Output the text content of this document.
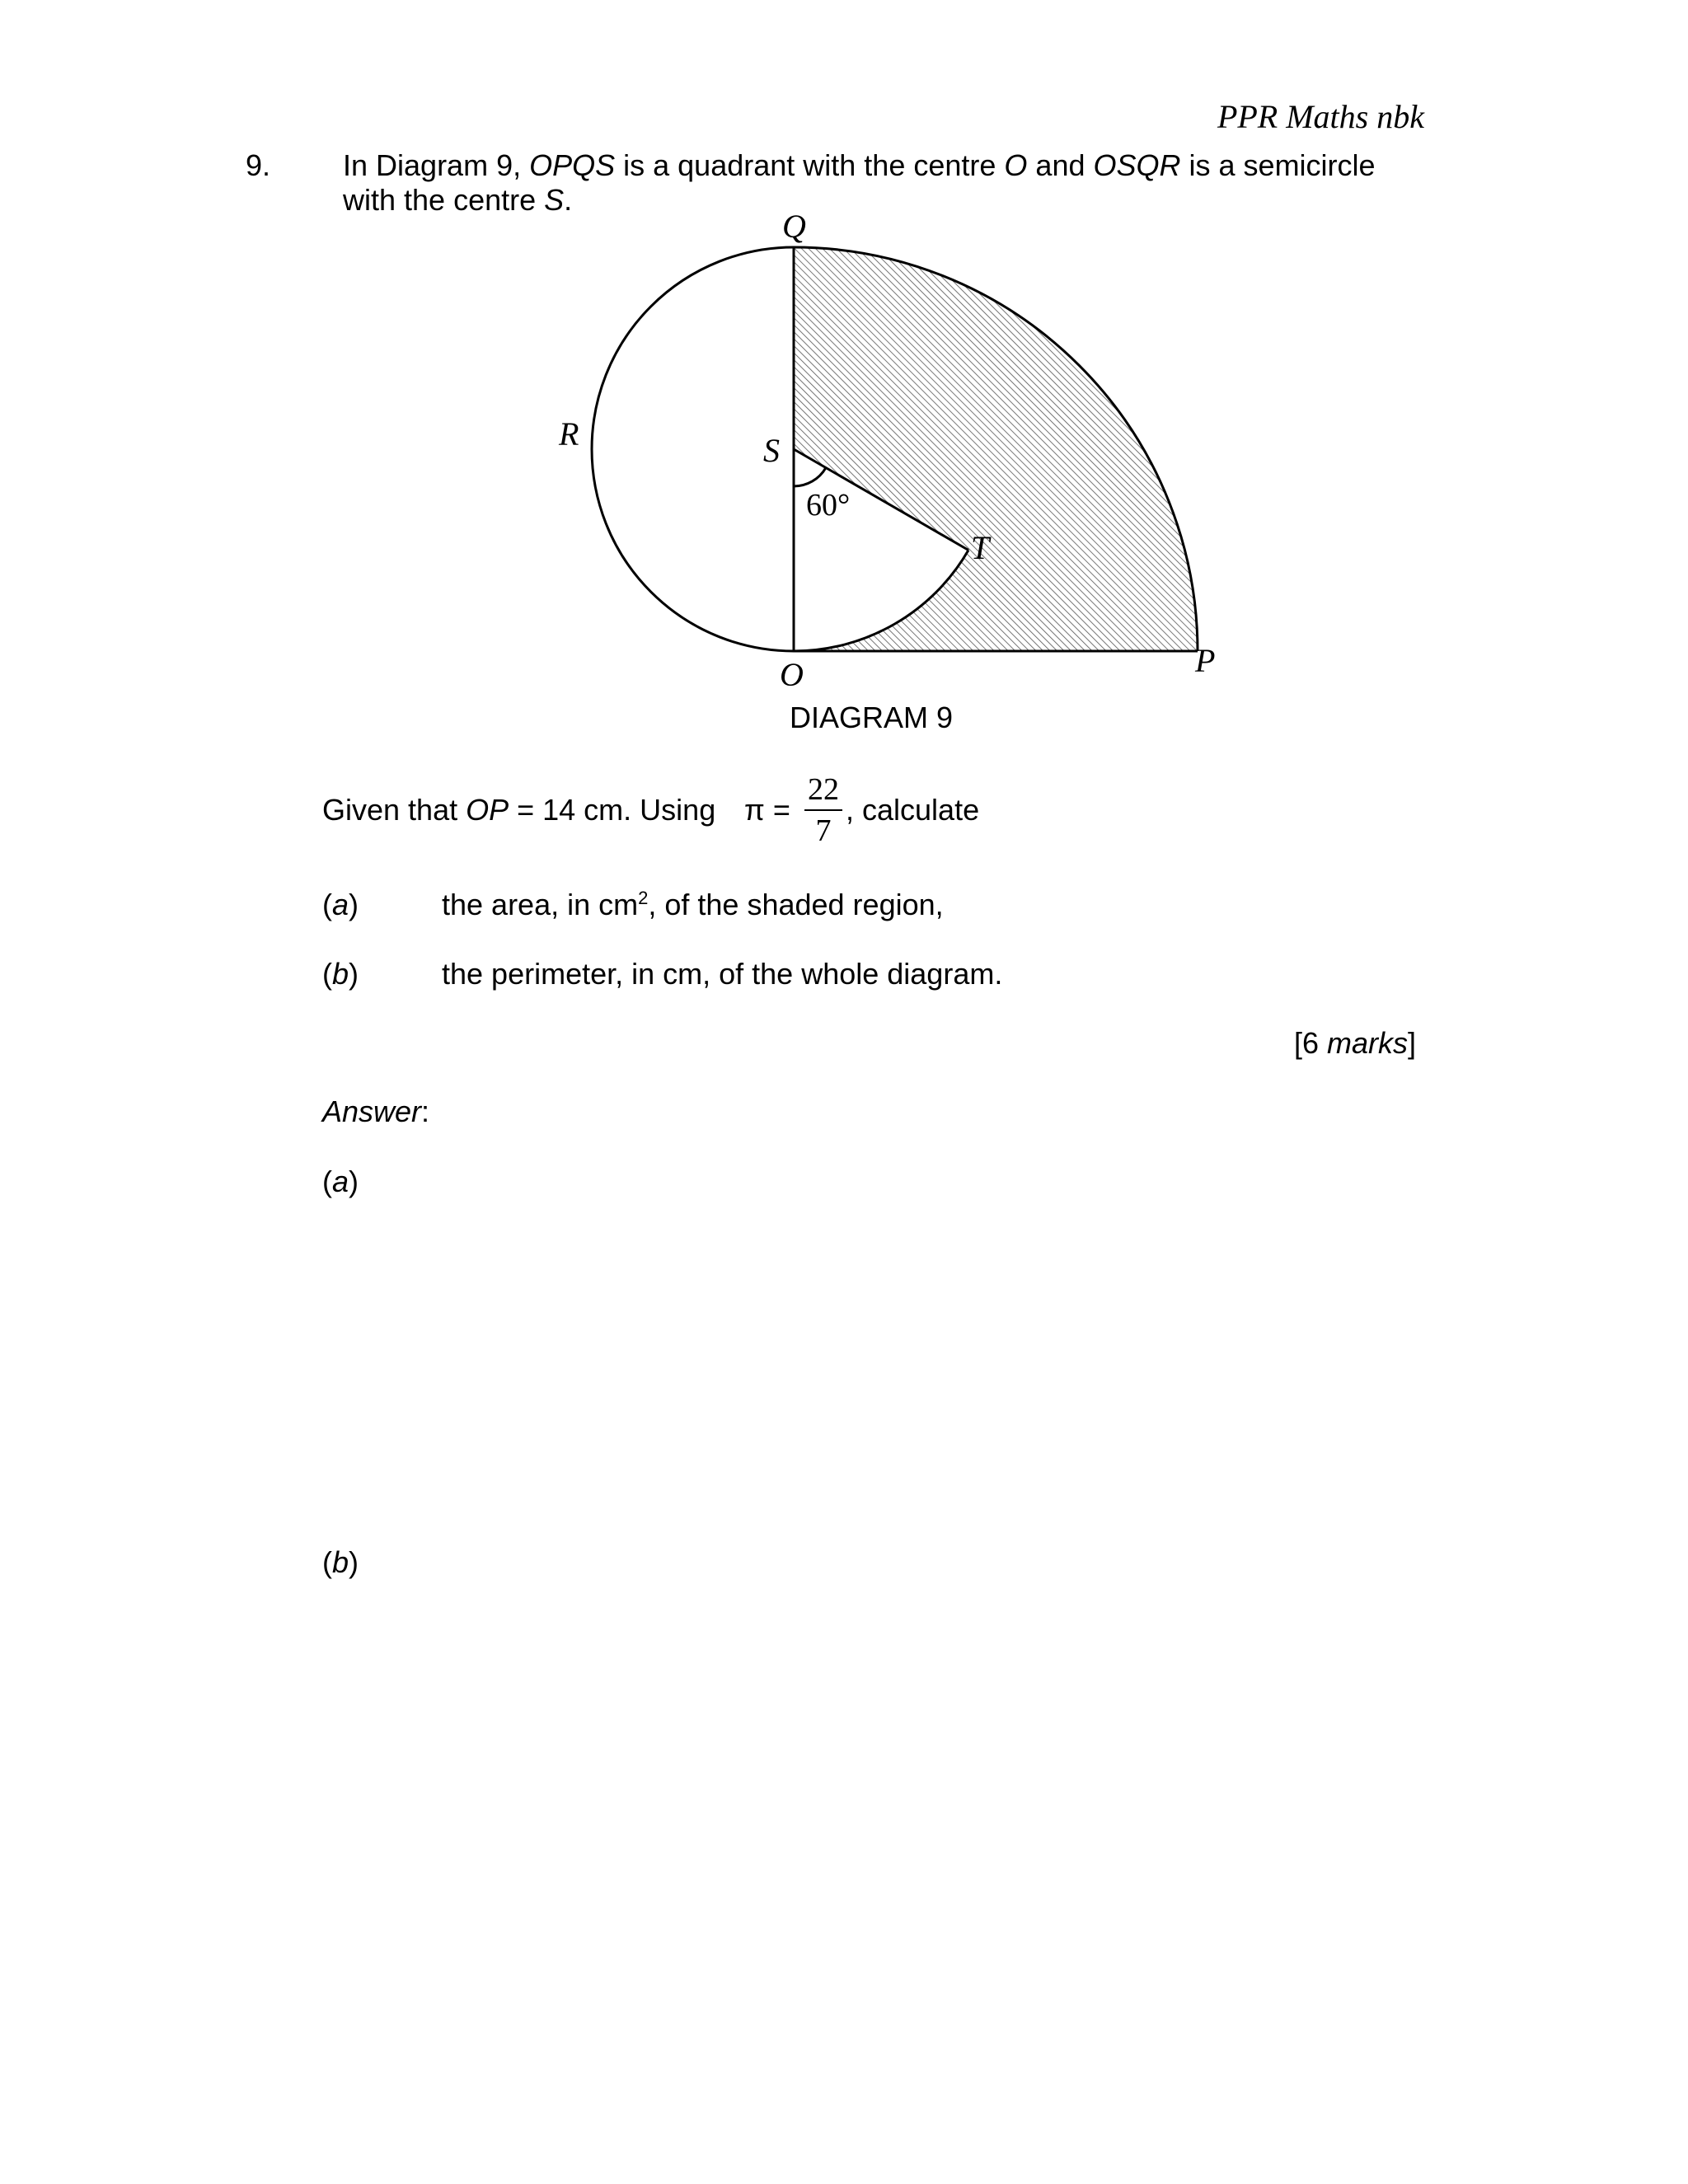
PPR Maths nbk
9. In Diagram 9, OPQS is a quadrant with the centre O and OSQR is a semicircle
with the centre S.
Q
R	S
60°
T
O	P
DIAGRAM 9
Given that OP = 14 cm. Using π =
22
7
, calculate
(a)	the area, in $cm^2$, of the shaded region,
(b)	the perimeter, in cm, of the whole diagram.
[6 marks]
Answer:
(a)
(b)
